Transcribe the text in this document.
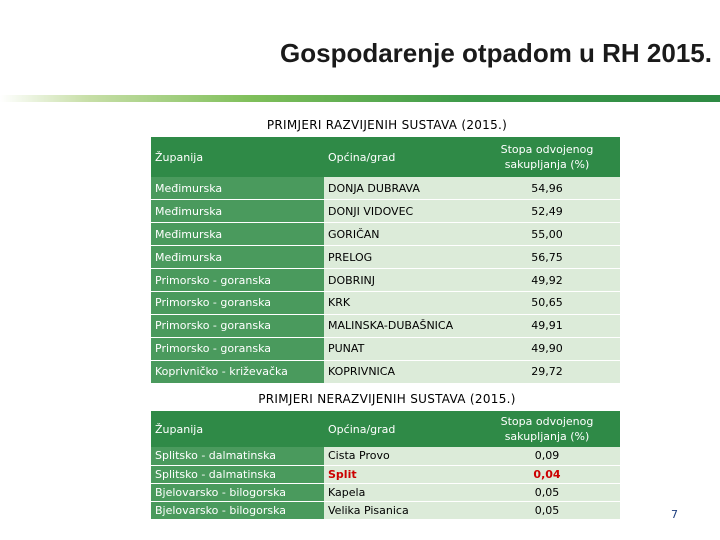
Gospodarenje otpadom u RH 2015.
PRIMJERI RAZVIJENIH SUSTAVA (2015.)
Županija	Općina/grad	Stopa odvojenog
sakupljanja (%)
Međimurska	DONJA DUBRAVA	54,96
Međimurska	DONJI VIDOVEC	52,49
Međimurska	GORIČAN	55,00
Međimurska	PRELOG	56,75
Primorsko - goranska	DOBRINJ	49,92
Primorsko - goranska	KRK	50,65
Primorsko - goranska	MALINSKA-DUBAŠNICA	49,91
Primorsko - goranska	PUNAT	49,90
Koprivničko - križevačka	KOPRIVNICA	29,72
PRIMJERI NERAZVIJENIH SUSTAVA (2015.)
Županija	Općina/grad	Stopa odvojenog
sakupljanja (%)
Splitsko - dalmatinska	Cista Provo	0,09
Splitsko - dalmatinska	Split	0,04
Bjelovarsko - bilogorska	Kapela	0,05
Bjelovarsko - bilogorska	Velika Pisanica	0,05	7
